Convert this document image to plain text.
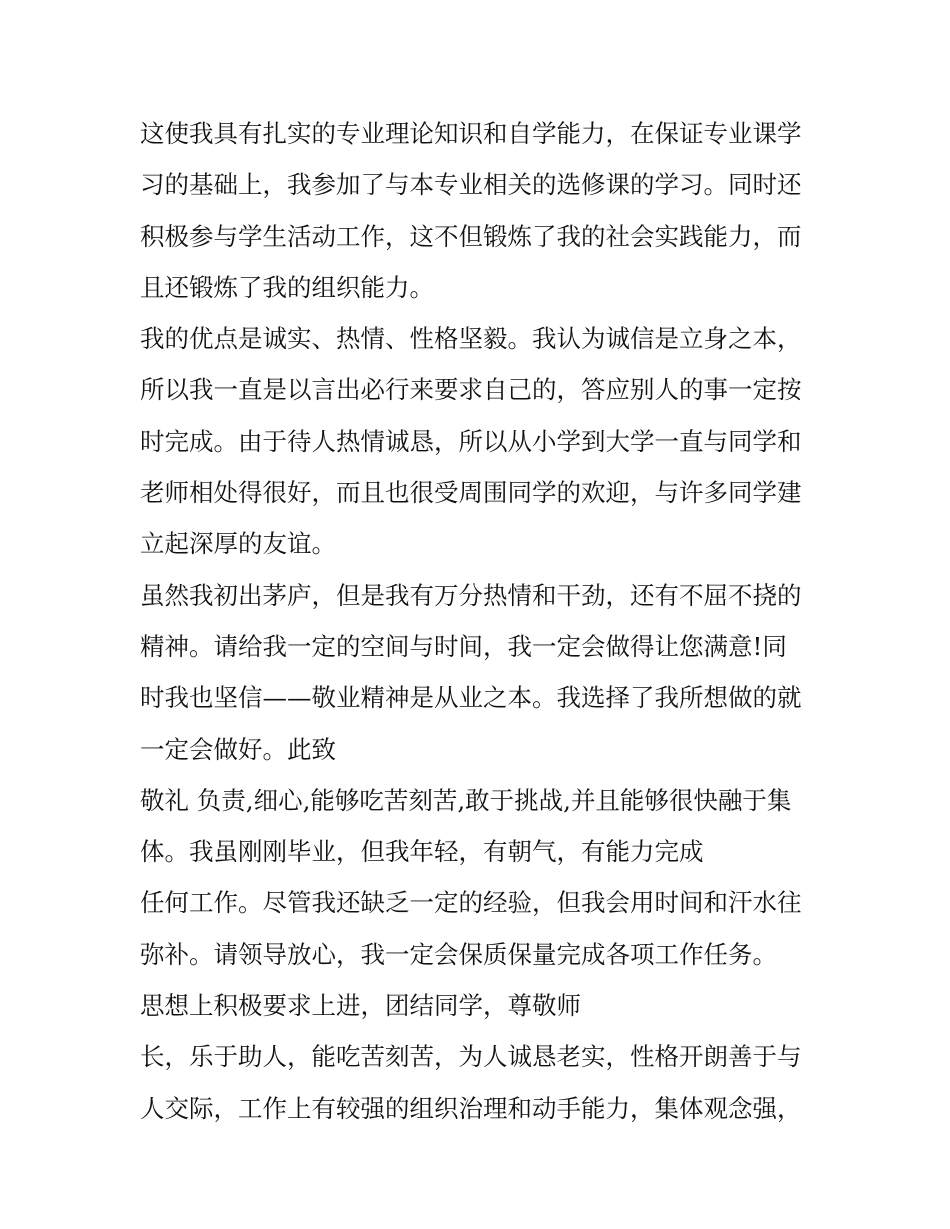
这使我具有扎实的专业理论知识和自学能力，在保证专业课学
习的基础上，我参加了与本专业相关的选修课的学习。同时还
积极参与学生活动工作，这不但锻炼了我的社会实践能力，而
且还锻炼了我的组织能力。
我的优点是诚实、热情、性格坚毅。我认为诚信是立身之本，
所以我一直是以言出必行来要求自己的，答应别人的事一定按
时完成。由于待人热情诚恳，所以从小学到大学一直与同学和
老师相处得很好，而且也很受周围同学的欢迎，与许多同学建
立起深厚的友谊。
虽然我初出茅庐，但是我有万分热情和干劲，还有不屈不挠的
精神。请给我一定的空间与时间，我一定会做得让您满意!同
时我也坚信——敬业精神是从业之本。我选择了我所想做的就
一定会做好。此致
敬礼 负责,细心,能够吃苦刻苦,敢于挑战,并且能够很快融于集
体。我虽刚刚毕业，但我年轻，有朝气，有能力完成
任何工作。尽管我还缺乏一定的经验，但我会用时间和汗水往
弥补。请领导放心，我一定会保质保量完成各项工作任务。
思想上积极要求上进，团结同学，尊敬师
长，乐于助人，能吃苦刻苦，为人诚恳老实，性格开朗善于与
人交际，工作上有较强的组织治理和动手能力，集体观念强，
